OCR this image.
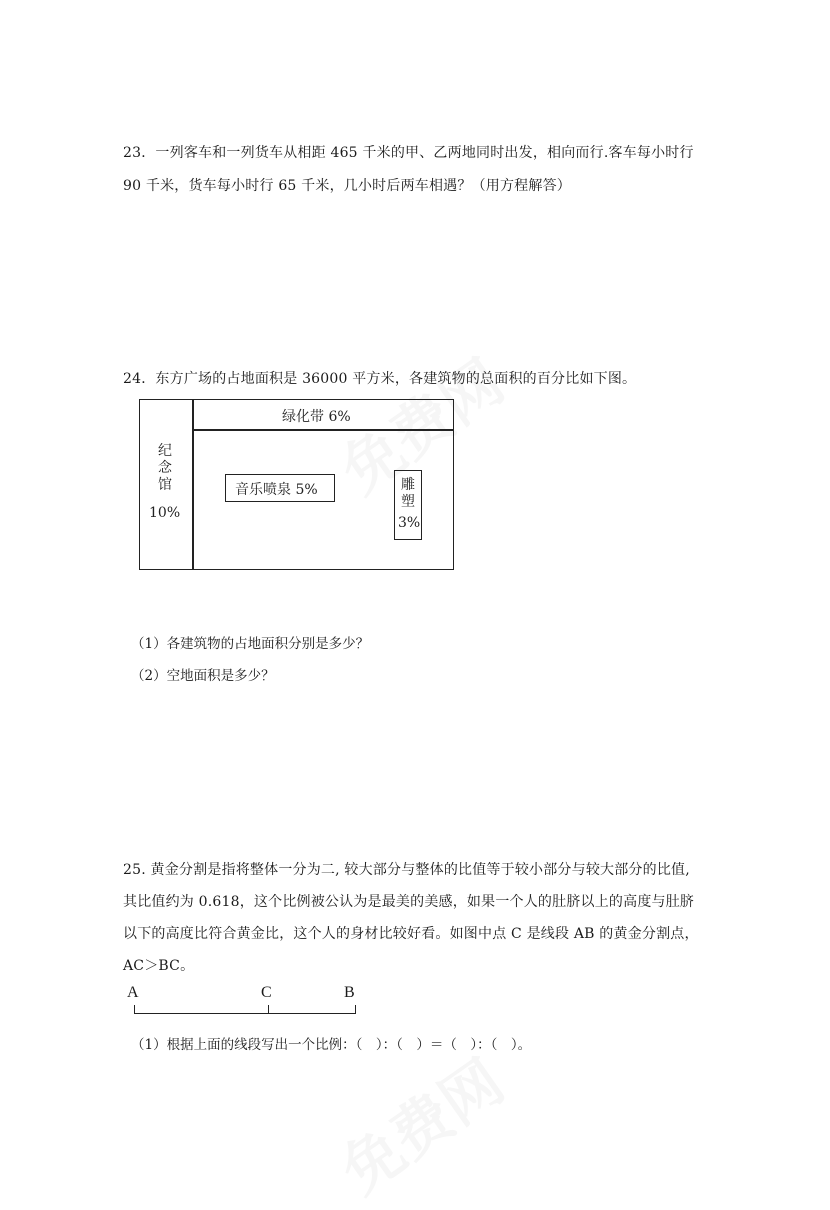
23．一列客车和一列货车从相距 465 千米的甲、乙两地同时出发，相向而行.客车每小时行
90 千米，货车每小时行 65 千米，几小时后两车相遇？（用方程解答）
24．东方广场的占地面积是 36000 平方米，各建筑物的总面积的百分比如下图。
纪念馆
10%
绿化带 6%
音乐喷泉 5%	雕塑
3%
（1）各建筑物的占地面积分别是多少？
（2）空地面积是多少？
25. 黄金分割是指将整体一分为二, 较大部分与整体的比值等于较小部分与较大部分的比值,
其比值约为 0.618，这个比例被公认为是最美的美感，如果一个人的肚脐以上的高度与肚脐
以下的高度比符合黄金比，这个人的身材比较好看。如图中点 C 是线段 AB 的黄金分割点，
AC＞BC。
A	C	B
（1）根据上面的线段写出一个比例：（　）：（　）＝（　）：（　）。
